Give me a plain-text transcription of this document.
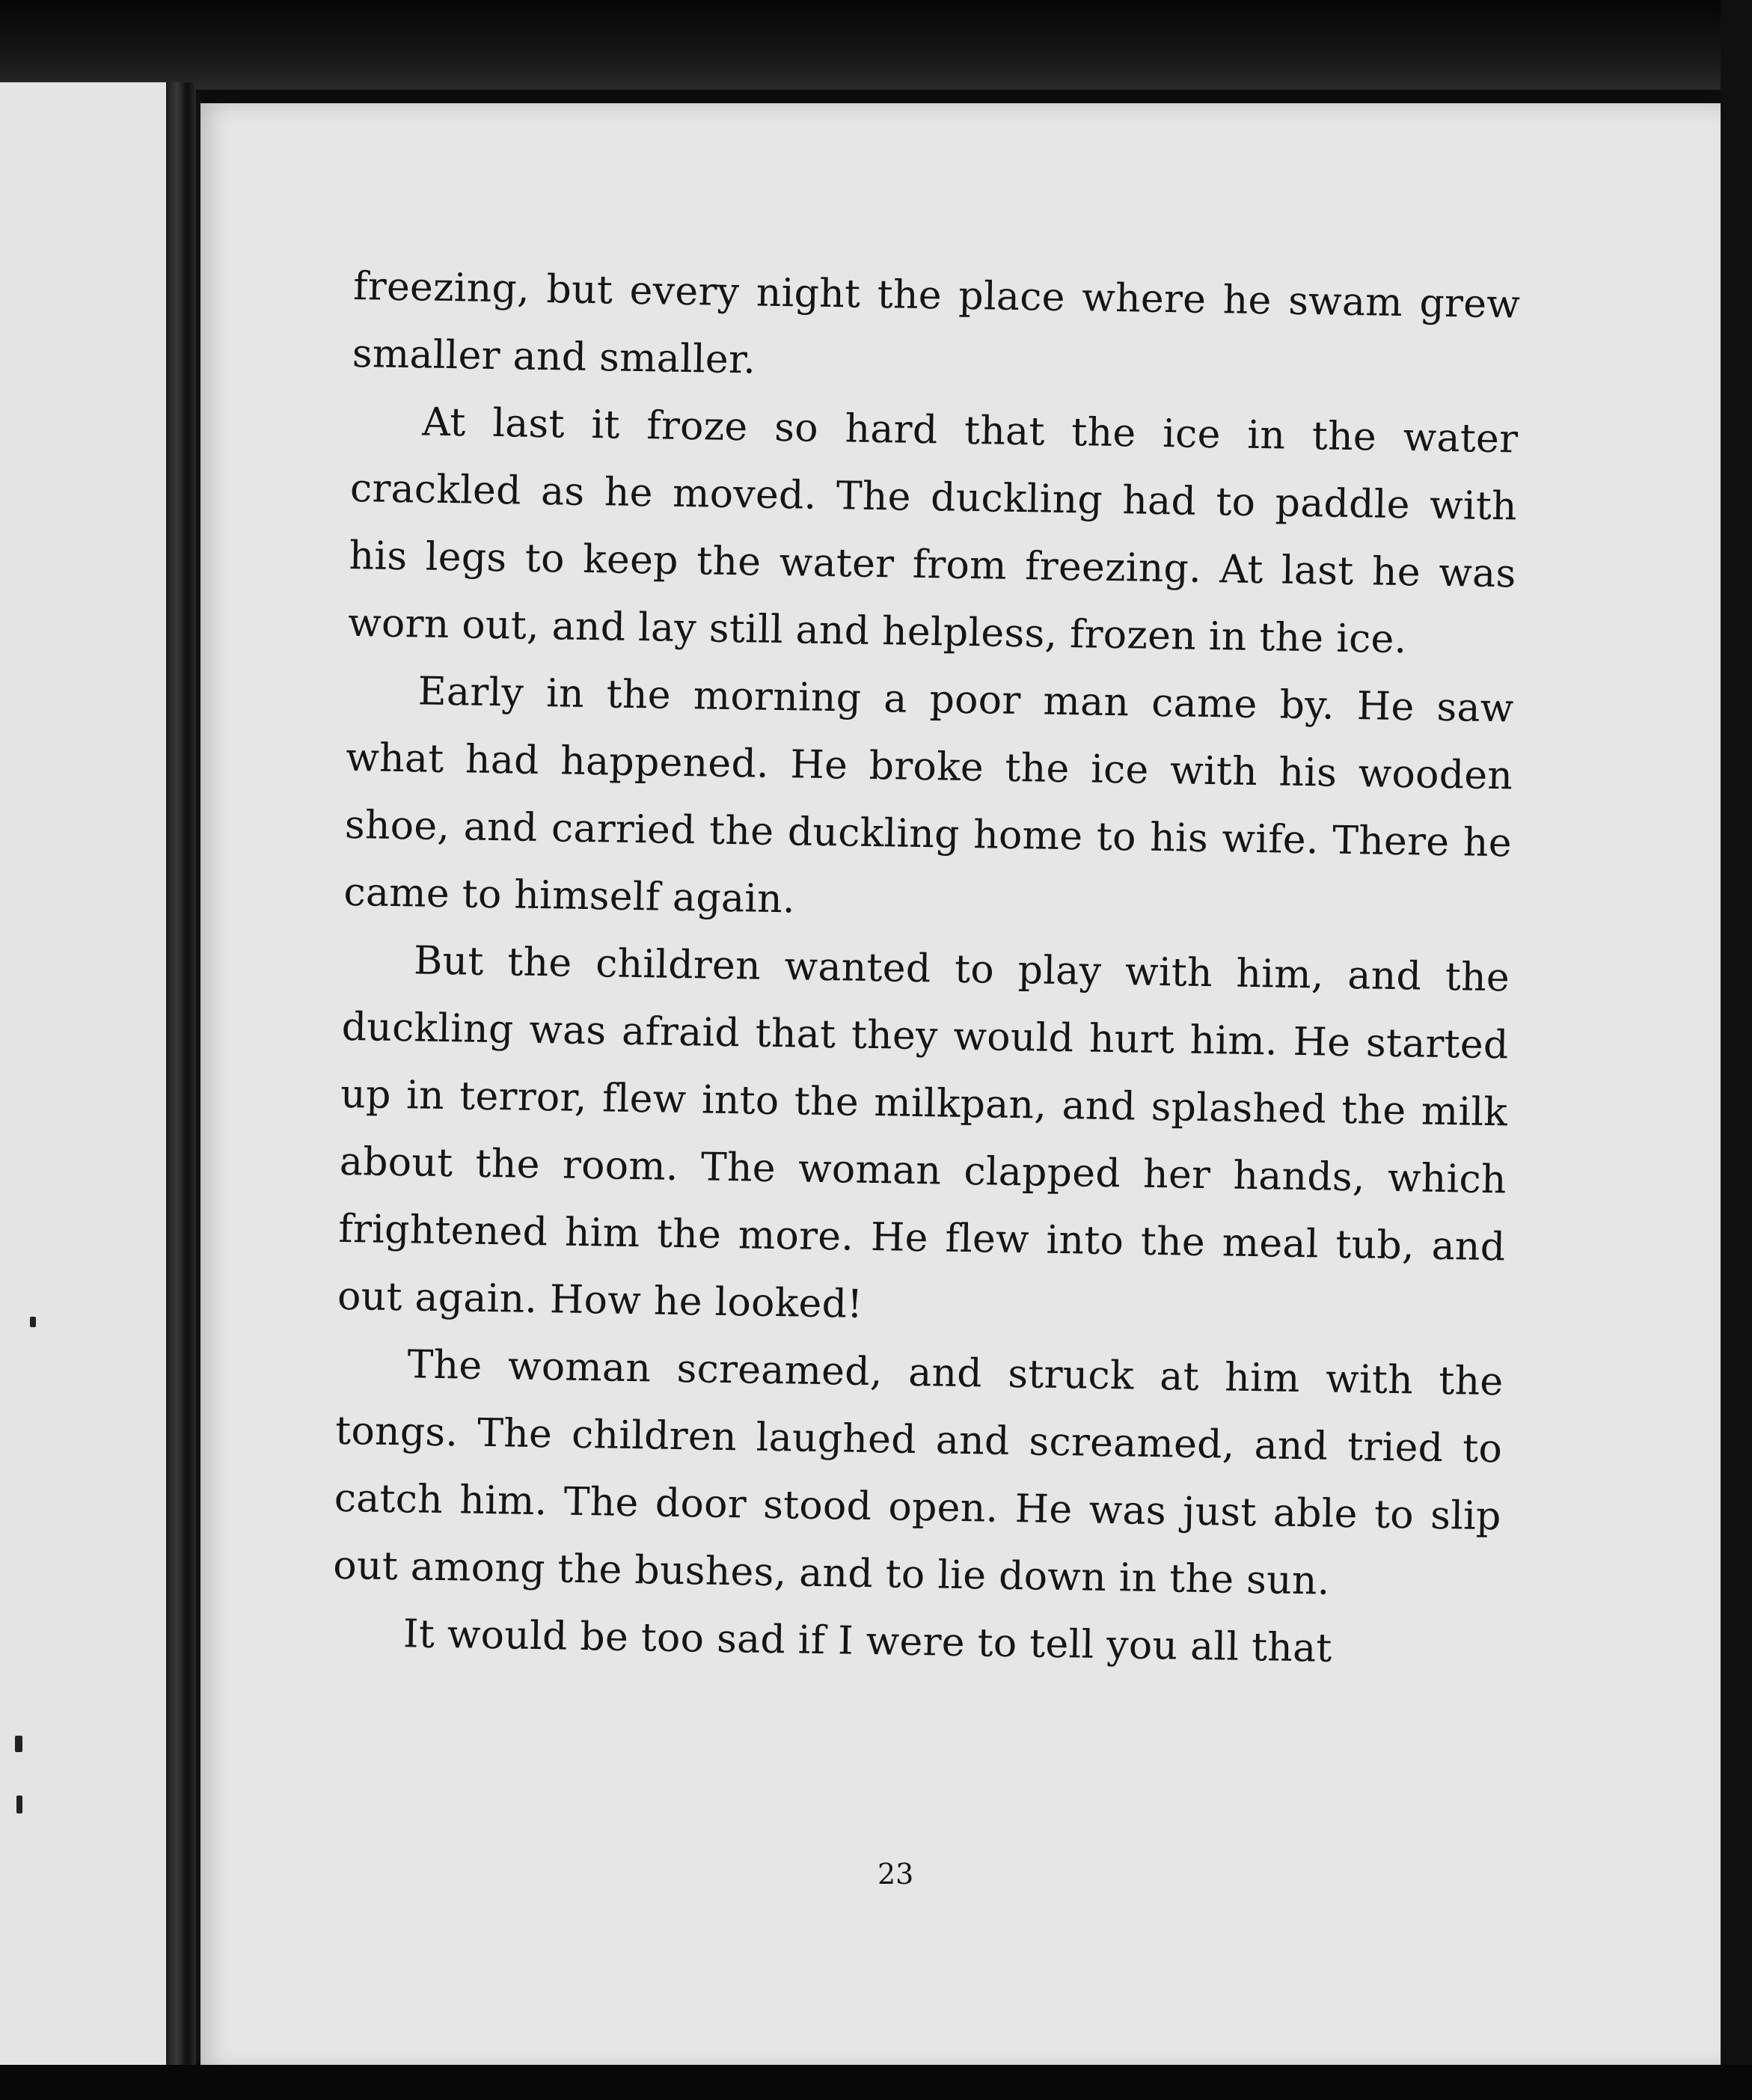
freezing, but every night the place where he swam grew smaller and smaller.

At last it froze so hard that the ice in the water crackled as he moved. The duckling had to paddle with his legs to keep the water from freezing. At last he was worn out, and lay still and helpless, frozen in the ice.

Early in the morning a poor man came by. He saw what had happened. He broke the ice with his wooden shoe, and carried the duckling home to his wife. There he came to himself again.

But the children wanted to play with him, and the duckling was afraid that they would hurt him. He started up in terror, flew into the milkpan, and splashed the milk about the room. The woman clapped her hands, which frightened him the more. He flew into the meal tub, and out again. How he looked!

The woman screamed, and struck at him with the tongs. The children laughed and screamed, and tried to catch him. The door stood open. He was just able to slip out among the bushes, and to lie down in the sun.

It would be too sad if I were to tell you all that

23
